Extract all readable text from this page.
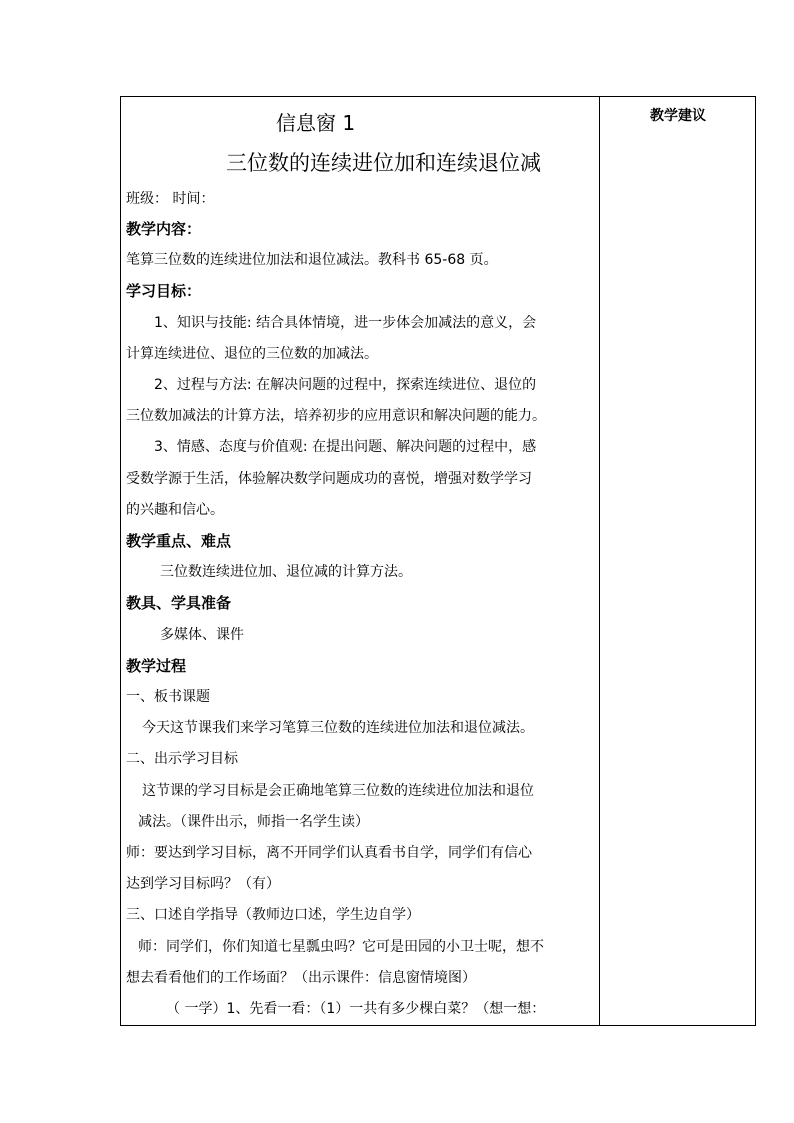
教学建议
信息窗 1
三位数的连续进位加和连续退位减
班级： 时间：
教学内容：
笔算三位数的连续进位加法和退位减法。教科书 65-68 页。
学习目标：
1、知识与技能: 结合具体情境，进一步体会加减法的意义，会
计算连续进位、退位的三位数的加减法。
2、过程与方法: 在解决问题的过程中，探索连续进位、退位的
三位数加减法的计算方法，培养初步的应用意识和解决问题的能力。
3、情感、态度与价值观: 在提出问题、解决问题的过程中，感
受数学源于生活，体验解决数学问题成功的喜悦，增强对数学学习
的兴趣和信心。
教学重点、难点
三位数连续进位加、退位减的计算方法。
教具、学具准备
多媒体、课件
教学过程
一、板书课题
今天这节课我们来学习笔算三位数的连续进位加法和退位减法。
二、出示学习目标
这节课的学习目标是会正确地笔算三位数的连续进位加法和退位
减法。（课件出示，师指一名学生读）
师：要达到学习目标，离不开同学们认真看书自学，同学们有信心
达到学习目标吗？（有）
三、口述自学指导（教师边口述，学生边自学）
师：同学们，你们知道七星瓢虫吗？它可是田园的小卫士呢，想不
想去看看他们的工作场面？（出示课件：信息窗情境图）
（ 一学）1、先看一看：（1）一共有多少棵白菜？（想一想：
